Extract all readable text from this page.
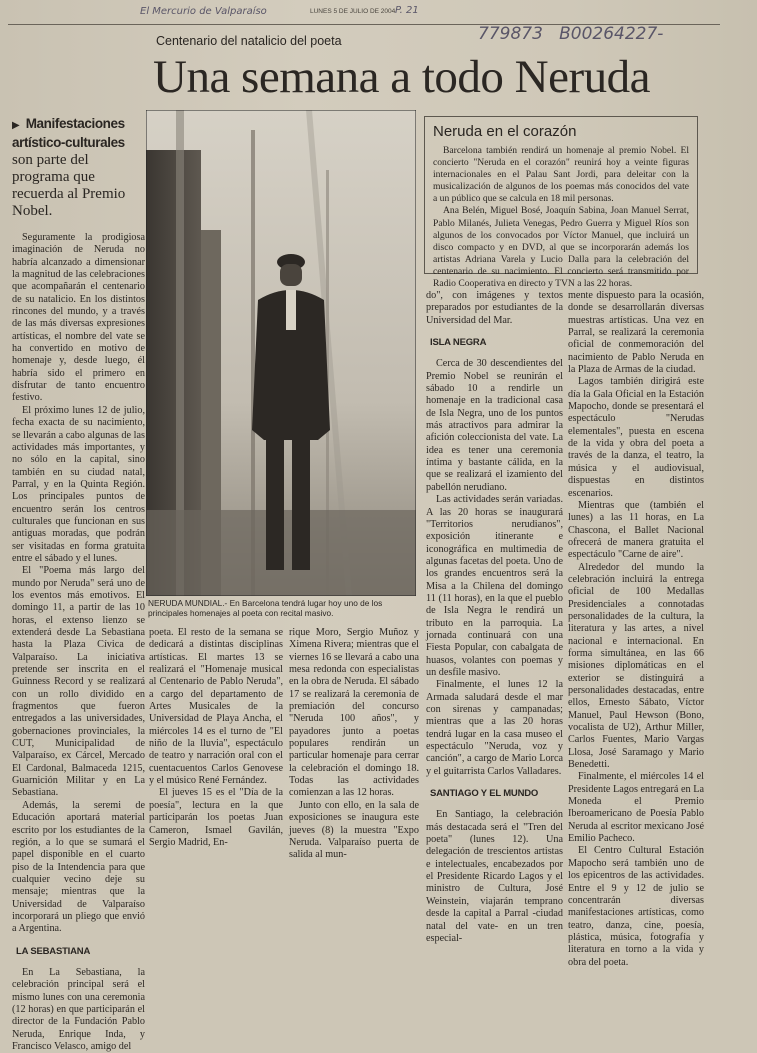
El Mercurio de Valparaíso	LUNES 5 DE JULIO DE 2004 P. 21
779873   B00264227-
Centenario del natalicio del poeta
Una semana a todo Neruda
▶ Manifestaciones artístico-culturales son parte del programa que recuerda al Premio Nobel.

Seguramente la prodigiosa imaginación de Neruda no habría alcanzado a dimensionar la magnitud de las celebraciones que acompañarán el centenario de su natalicio. En los distintos rincones del mundo, y a través de las más diversas expresiones artísticas, el nombre del vate se ha convertido en motivo de homenaje y, desde luego, él habría sido el primero en disfrutar de tanto encuentro festivo.

El próximo lunes 12 de julio, fecha exacta de su nacimiento, se llevarán a cabo algunas de las actividades más importantes, y no sólo en la capital, sino también en su ciudad natal, Parral, y en la Quinta Región. Los principales puntos de encuentro serán los centros culturales que funcionan en sus antiguas moradas, que podrán ser visitadas en forma gratuita entre el sábado y el lunes.

El "Poema más largo del mundo por Neruda" será uno de los eventos más emotivos. El domingo 11, a partir de las 10 horas, el extenso lienzo se extenderá desde La Sebastiana hasta la Plaza Cívica de Valparaíso. La iniciativa pretende ser inscrita en el Guinness Record y se realizará con un rollo dividido en fragmentos que fueron entregados a las universidades, gobernaciones provinciales, la CUT, Municipalidad de Valparaíso, ex Cárcel, Mercado El Cardonal, Balmaceda 1215, Guarnición Militar y en La Sebastiana.

Además, la seremi de Educación aportará material escrito por los estudiantes de la región, a lo que se sumará el papel disponible en el cuarto piso de la Intendencia para que cualquier vecino deje su mensaje; mientras que la Universidad de Valparaíso incorporará un pliego que envió a Argentina.

LA SEBASTIANA

En La Sebastiana, la celebración principal será el mismo lunes con una ceremonia (12 horas) en que participarán el director de la Fundación Pablo Neruda, Enrique Inda, y Francisco Velasco, amigo del

NERUDA MUNDIAL.- En Barcelona tendrá lugar hoy uno de los principales homenajes al poeta con recital masivo.
Neruda en el corazón

Barcelona también rendirá un homenaje al premio Nobel. El concierto "Neruda en el corazón" reunirá hoy a veinte figuras internacionales en el Palau Sant Jordi, para deleitar con la musicalización de algunos de los poemas más conocidos del vate a un público que se calcula en 18 mil personas.

Ana Belén, Miguel Bosé, Joaquín Sabina, Joan Manuel Serrat, Pablo Milanés, Julieta Venegas, Pedro Guerra y Miguel Ríos son algunos de los convocados por Víctor Manuel, que incluirá un disco compacto y en DVD, al que se incorporarán además los artistas Adriana Varela y Lucio Dalla para la celebración del centenario de su nacimiento. El concierto será transmitido por Radio Cooperativa en directo y TVN a las 22 horas.

poeta. El resto de la semana se dedicará a distintas disciplinas artísticas. El martes 13 se realizará el "Homenaje musical al Centenario de Pablo Neruda", a cargo del departamento de Artes Musicales de la Universidad de Playa Ancha, el miércoles 14 es el turno de "El niño de la lluvia", espectáculo de teatro y narración oral con el cuentacuentos Carlos Genovese y el músico René Fernández.

El jueves 15 es el "Día de la poesía", lectura en la que participarán los poetas Juan Cameron, Ismael Gavilán, Sergio Madrid, En-

rique Moro, Sergio Muñoz y Ximena Rivera; mientras que el viernes 16 se llevará a cabo una mesa redonda con especialistas en la obra de Neruda. El sábado 17 se realizará la ceremonia de premiación del concurso "Neruda 100 años", y payadores junto a poetas populares rendirán un particular homenaje para cerrar la celebración el domingo 18. Todas las actividades comienzan a las 12 horas.

Junto con ello, en la sala de exposiciones se inaugura este jueves (8) la muestra "Expo Neruda. Valparaíso puerta de salida al mun-

do", con imágenes y textos preparados por estudiantes de la Universidad del Mar.

ISLA NEGRA

Cerca de 30 descendientes del Premio Nobel se reunirán el sábado 10 a rendirle un homenaje en la tradicional casa de Isla Negra, uno de los puntos más atractivos para admirar la afición coleccionista del vate. La idea es tener una ceremonia íntima y bastante cálida, en la que se realizará el izamiento del pabellón nerudiano.

Las actividades serán variadas. A las 20 horas se inaugurará "Territorios nerudianos", exposición itinerante e iconográfica en multimedia de algunas facetas del poeta. Uno de los grandes encuentros será la Misa a la Chilena del domingo 11 (11 horas), en la que el pueblo de Isla Negra le rendirá un tributo en la parroquia. La jornada continuará con una Fiesta Popular, con cabalgata de huasos, volantes con poemas y un desfile masivo.

Finalmente, el lunes 12 la Armada saludará desde el mar con sirenas y campanadas; mientras que a las 20 horas tendrá lugar en la casa museo el espectáculo "Neruda, voz y canción", a cargo de Mario Lorca y el guitarrista Carlos Valladares.

SANTIAGO Y EL MUNDO

En Santiago, la celebración más destacada será el "Tren del poeta" (lunes 12). Una delegación de trescientos artistas e intelectuales, encabezados por el Presidente Ricardo Lagos y el ministro de Cultura, José Weinstein, viajarán temprano desde la capital a Parral -ciudad natal del vate- en un tren especial-

mente dispuesto para la ocasión, donde se desarrollarán diversas muestras artísticas. Una vez en Parral, se realizará la ceremonia oficial de conmemoración del nacimiento de Pablo Neruda en la Plaza de Armas de la ciudad.

Lagos también dirigirá este día la Gala Oficial en la Estación Mapocho, donde se presentará el espectáculo "Nerudas elementales", puesta en escena de la vida y obra del poeta a través de la danza, el teatro, la música y el audiovisual, dispuestas en distintos escenarios.

Mientras que (también el lunes) a las 11 horas, en La Chascona, el Ballet Nacional ofrecerá de manera gratuita el espectáculo "Carne de aire".

Alrededor del mundo la celebración incluirá la entrega oficial de 100 Medallas Presidenciales a connotadas personalidades de la cultura, la literatura y las artes, a nivel nacional e internacional. En forma simultánea, en las 66 misiones diplomáticas en el exterior se distinguirá a personalidades destacadas, entre ellos, Ernesto Sábato, Víctor Manuel, Paul Hewson (Bono, vocalista de U2), Arthur Miller, Carlos Fuentes, Mario Vargas Llosa, José Saramago y Mario Benedetti.

Finalmente, el miércoles 14 el Presidente Lagos entregará en La Moneda el Premio Iberoamericano de Poesía Pablo Neruda al escritor mexicano José Emilio Pacheco.

El Centro Cultural Estación Mapocho será también uno de los epicentros de las actividades. Entre el 9 y 12 de julio se concentrarán diversas manifestaciones artísticas, como teatro, danza, cine, poesía, plástica, música, fotografía y literatura en torno a la vida y obra del poeta.
